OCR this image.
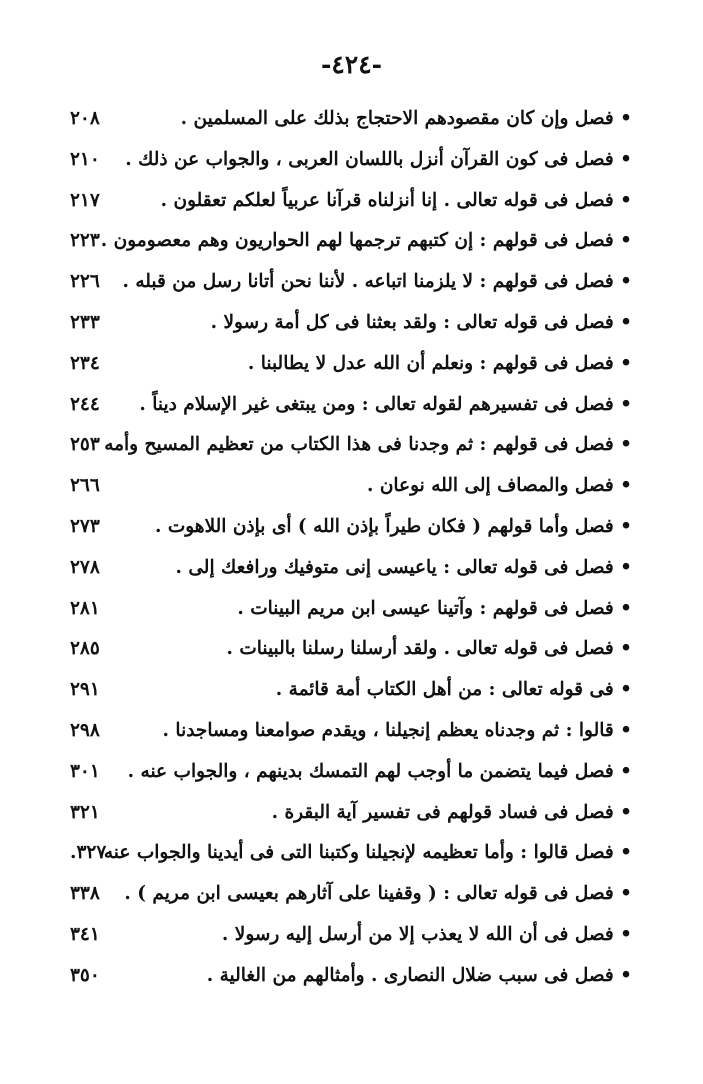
-٤٢٤-
• فصل وإن كان مقصودهم الاحتجاج بذلك على المسلمين .
٢٠٨
• فصل فى كون القرآن أنزل باللسان العربى ، والجواب عن ذلك .
٢١٠
• فصل فى قوله تعالى . إنا أنزلناه قرآنا عربياً لعلكم تعقلون .
٢١٧
• فصل فى قولهم : إن كتبهم ترجمها لهم الحواريون وهم معصومون .
٢٢٣
• فصل فى قولهم : لا يلزمنا اتباعه . لأننا نحن أتانا رسل من قبله .
٢٢٦
• فصل فى قوله تعالى : ولقد بعثنا فى كل أمة رسولا .
٢٣٣
• فصل فى قولهم : ونعلم أن الله عدل لا يطالبنا .
٢٣٤
• فصل فى تفسيرهم لقوله تعالى : ومن يبتغى غير الإسلام ديناً .
٢٤٤
• فصل فى قولهم : ثم وجدنا فى هذا الكتاب من تعظيم المسيح وأمه
٢٥٣
• فصل والمصاف إلى الله نوعان .
٢٦٦
• فصل وأما قولهم ( فكان طيراً بإذن الله ) أى بإذن اللاهوت .
٢٧٣
• فصل فى قوله تعالى : ياعيسى إنى متوفيك ورافعك إلى .
٢٧٨
• فصل فى قولهم : وآتينا عيسى ابن مريم البينات .
٢٨١
• فصل فى قوله تعالى . ولقد أرسلنا رسلنا بالبينات .
٢٨٥
• فى قوله تعالى : من أهل الكتاب أمة قائمة .
٢٩١
• قالوا : ثم وجدناه يعظم إنجيلنا ، ويقدم صوامعنا ومساجدنا .
٢٩٨
• فصل فيما يتضمن ما أوجب لهم التمسك بدينهم ، والجواب عنه .
٣٠١
• فصل فى فساد قولهم فى تفسير آية البقرة .
٣٢١
• فصل قالوا : وأما تعظيمه لإنجيلنا وكتبنا التى فى أيدينا والجواب عنه
٣٢٧.
• فصل فى قوله تعالى : ( وقفينا على آثارهم بعيسى ابن مريم ) .
٣٣٨
• فصل فى أن الله لا يعذب إلا من أرسل إليه رسولا .
٣٤١
• فصل فى سبب ضلال النصارى . وأمثالهم من الغالية .
٣٥٠
